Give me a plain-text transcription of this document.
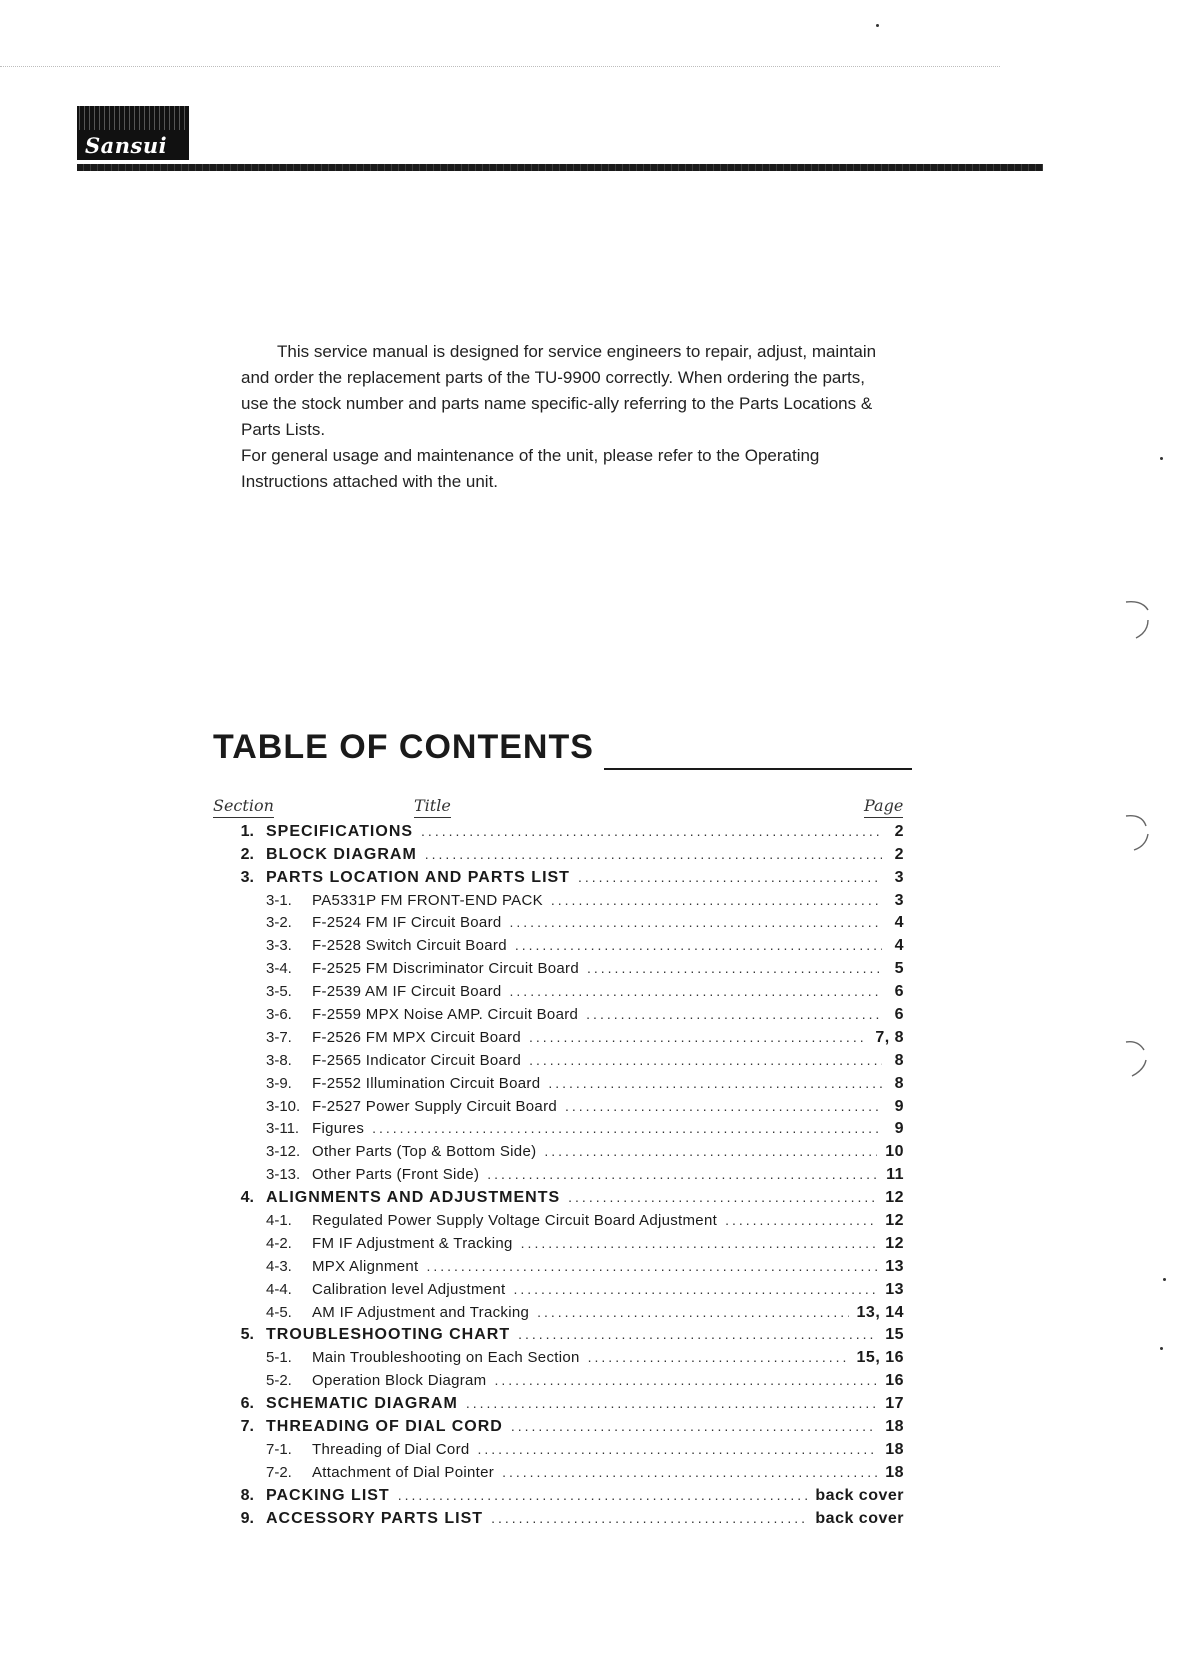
Sansui

This service manual is designed for service engineers to repair, adjust, maintain and order the replacement parts of the TU-9900 correctly. When ordering the parts, use the stock number and parts name specific-ally referring to the Parts Locations & Parts Lists.

For general usage and maintenance of the unit, please refer to the Operating Instructions attached with the unit.

TABLE OF CONTENTS
Section	Title	Page
1. SPECIFICATIONS .....	2
2. BLOCK DIAGRAM .....	2
3. PARTS LOCATION AND PARTS LIST .....	3
3-1.	PA5331P FM FRONT-END PACK .....	3
3-2.	F-2524 FM IF Circuit Board .....	4
3-3.	F-2528 Switch Circuit Board .....	4
3-4.	F-2525 FM Discriminator Circuit Board .....	5
3-5.	F-2539 AM IF Circuit Board .....	6
3-6.	F-2559 MPX Noise AMP. Circuit Board .....	6
3-7.	F-2526 FM MPX Circuit Board .....	7, 8
3-8.	F-2565 Indicator Circuit Board .....	8
3-9.	F-2552 Illumination Circuit Board .....	8
3-10. F-2527 Power Supply Circuit Board .....	9
3-11. Figures .....	9
3-12. Other Parts (Top & Bottom Side) .....	10
3-13. Other Parts (Front Side) .....	11
4. ALIGNMENTS AND ADJUSTMENTS .....	12
4-1.	Regulated Power Supply Voltage Circuit Board Adjustment .....	12
4-2.	FM IF Adjustment & Tracking .....	12
4-3.	MPX Alignment .....	13
4-4.	Calibration level Adjustment .....	13
4-5.	AM IF Adjustment and Tracking .....	13, 14
5. TROUBLESHOOTING CHART .....	15
5-1.	Main Troubleshooting on Each Section .....	15, 16
5-2.	Operation Block Diagram .....	16
6. SCHEMATIC DIAGRAM .....	17
7. THREADING OF DIAL CORD .....	18
7-1.	Threading of Dial Cord .....	18
7-2.	Attachment of Dial Pointer .....	18
8. PACKING LIST .....	back cover
9. ACCESSORY PARTS LIST .....	back cover
